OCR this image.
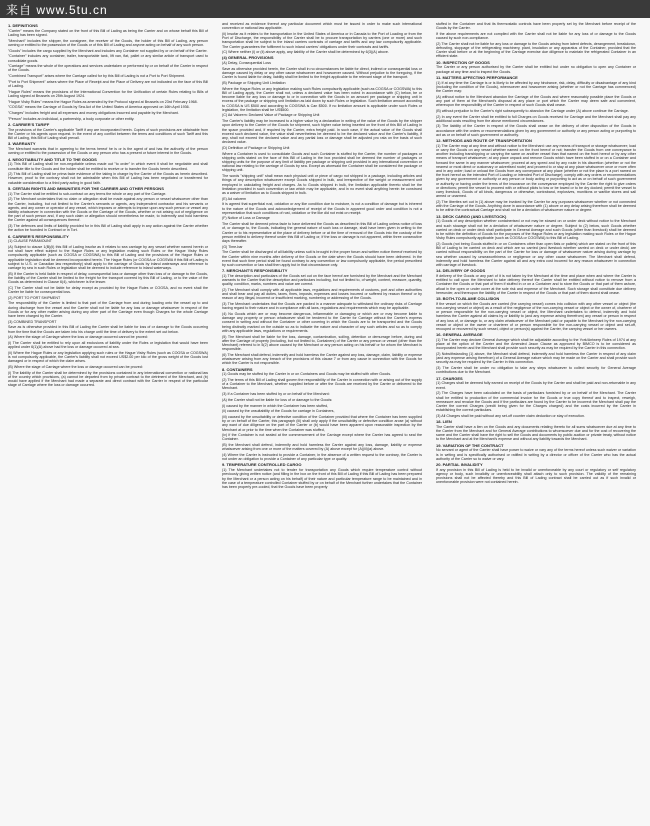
来自 www.5tu.cn
1. DEFINITIONS
"Carrier" means the Company stated on the front of this Bill of Lading as being the Carrier and on whose behalf this Bill of Lading has been signed.
"Merchant" includes the shipper, the consignee, the receiver of the Goods, the holder of this Bill of Lading, any person owning or entitled to the possession of the Goods or of this Bill of Lading and anyone acting on behalf of any such person.
"Goods" includes the cargo supplied by the Merchant and includes any Container not supplied by or on behalf of the Carrier.
"Container" includes any container, trailer, transportable tank, lift van, flat, pallet or any similar article of transport used to consolidate goods.
"Carriage" means the whole of the operations and services undertaken or performed by or on behalf of the Carrier in respect of the Goods.
"Combined Transport" arises where the Carriage called for by this Bill of Lading is not a Port to Port Shipment.
"Port to Port Shipment" arises where the Place of Receipt and the Place of Delivery are not indicated on the face of this Bill of Lading.
"Hague Rules" means the provisions of the International Convention for the Unification of certain Rules relating to Bills of Lading signed at Brussels on 25th August 1924.
"Hague Visby Rules" means the Hague Rules as amended by the Protocol signed at Brussels on 23rd February 1968.
"COGSA" means the Carriage of Goods by Sea Act of the United States of America approved on 16th April 1936.
"Charges" includes freight and all expenses and money obligations incurred and payable by the Merchant.
"Person" includes an individual, a partnership, a body corporate or other entity.
2. CARRIER'S TARIFF
The provisions of the Carrier's applicable Tariff if any are incorporated herein. Copies of such provisions are obtainable from the Carrier or his agents upon request. In the event of any conflict between the terms and conditions of such Tariff and this Bill of Lading, this Bill of Lading shall prevail.
3. WARRANTY
The Merchant warrants that in agreeing to the terms hereof he is or is the agent of and has the authority of the person owning or entitled to the possession of the Goods or any person who has a present or future interest in the Goods.
4. NEGOTIABILITY AND TITLE TO THE GOODS
(1) This Bill of Lading shall be non-negotiable unless made out "to order" in which event it shall be negotiable and shall constitute title to the Goods and the holder shall be entitled to receive or to transfer the Goods herein described.
(2) This Bill of Lading shall be prima facie evidence of the taking in charge by the Carrier of the Goods as herein described. However, proof to the contrary shall not be admissible when this Bill of Lading has been negotiated or transferred for valuable consideration to a third party acting in good faith.
5. CERTAIN RIGHTS AND IMMUNITIES FOR THE CARRIER AND OTHER PERSONS
(1) The Carrier shall be entitled to sub-contract on any terms the whole or any part of the Carriage.
(2) The Merchant undertakes that no claim or allegation shall be made against any person or vessel whatsoever other than the Carrier, including, but not limited to the Carrier's servants or agents, any independent contractor and his servants or agents, and any owner or operator of any vessel, which imposes or attempts to impose upon any such person or vessel any liability whatsoever in connection with the Goods or the Carriage of the Goods, whether or not arising out of negligence on the part of such person and, if any such claim or allegation should nevertheless be made, to indemnify and hold harmless the Carrier against all consequences thereof.
(3) The defences and limits of liability provided for in this Bill of Lading shall apply in any action against the Carrier whether the action be founded in Contract or in Tort.
6. CARRIER'S RESPONSIBILITY
(1) CLAUSE PARAMOUNT
(A) Subject to clause 1(B)(ii) this Bill of Lading insofar as it relates to sea carriage by any vessel whether named herein or not shall have effect subject to the Hague Rules or any legislation making such Rules or the Hague Visby Rules compulsorily applicable (such as COGSA or COGSWA) to this Bill of Lading and the provisions of the Hague Rules or applicable legislation shall be deemed incorporated herein. The Hague Rules (or COGSA or COGSWA if this Bill of Lading is subject to U.S. or Canadian law respectively) shall apply to the carriage of Goods by inland waterways and reference to carriage by sea in such Rules or legislation shall be deemed to include reference to inland waterways.
(B) If the Carrier is held liable in respect of delay, consequential loss or damage other than loss of or damage to the Goods, the liability of the Carrier shall be limited to the freight for the transport covered by this Bill of Lading, or to the value of the Goods as determined in Clause 6(4), whichever is the lesser.
(C) The Carrier shall not be liable for delay except as provided by the Hague Rules or COGSA, and no event shall the Carrier be liable for consequential loss.
(2) PORT TO PORT SHIPMENT
The responsibility of the Carrier is limited to that part of the Carriage from and during loading onto the vessel up to and during discharge from the vessel and the Carrier shall not be liable for any loss or damage whatsoever in respect of the Goods or for any other matter arising during any other part of the Carriage even though Charges for the whole Carriage have been charged by the Carrier.
(3) COMBINED TRANSPORT
Save as is otherwise provided in this Bill of Lading the Carrier shall be liable for loss of or damage to the Goods occurring from the time that the Goods are taken into his charge until the time of delivery to the extent set out below.
(A) Where the stage of Carriage where the loss or damage occurred cannot be proved:
(i) The Carrier shall be entitled to rely upon all exclusions of liability under the Rules or legislation that would have been applied under 6(1)(A) above had the loss or damage occurred at sea.
(ii) Where the Hague Rules or any legislation applying such rules or the Hague Visby Rules (such as COGSA or COGSWA) is not compulsorily applicable, the Carrier's liability shall not exceed US$2.00 per kilo of the gross weight of the Goods lost damaged or in respect of which the claim arises.
(B) Where the stage of Carriage where the loss or damage occurred can be proved:
(i) The liability of the Carrier shall be determined by the provisions contained in any international convention or national law of the country which provisions, (a) cannot be departed from by private contract to the detriment of the Merchant, and (b) would have applied if the Merchant had made a separate and direct contract with the Carrier in respect of the particular stage of Carriage where the loss or damage occurred.
and received as evidence thereof any particular document which must be issued in order to make such international convention or national law applicable.
(ii) Insofar as it relates to the transportation in the United States of America or in Canada to the Port of Loading or from the Port of Discharge, the responsibility of the Carrier shall be to procure transportation by carriers (one or more) and such transportation shall be subject to the inland carriers contracts of carriage and tariffs and any law compulsorily applicable. The Carrier guarantees the fulfilment to such inland carriers' obligations under their contracts and tariffs.
(C) Where neither (i) or (ii) above apply, any liability of the Carrier shall be determined by 6(3)(A) above.
(4) GENERAL PROVISIONS
(A) Delay, Consequential Loss
Save as otherwise provided herein, the Carrier shall in no circumstances be liable for direct, indirect or consequential loss or damage caused by delay or any other cause whatsoever and howsoever caused. Without prejudice to the foregoing, if the Carrier is found liable for delay, liability shall be limited to the freight applicable to the relevant stage of the transport.
(B) Package or Shipping Unit Limitation
Where the Hague Rules or any legislation making such Rules compulsorily applicable (such as COGSA or COGSWA) to this Bill of Lading apply, the Carrier shall not, unless a declared value has been noted in accordance with (C) below, be or become liable for any loss or damage to or in connection with the Goods in an amount per package or shipping unit in excess of the package or shipping unit limitation as laid down by such Rules or legislation. Such limitation amount according to COGSA is US $500 and according to COGSWA is Can $500. If no limitation amount is applicable under such Rules or legislation, the limitation shall be US$500.
(C) Ad Valorem: Declared Value of Package or Shipping Unit
The Carrier's liability may be increased to a higher value by a declaration in writing of the value of the Goods by the shipper upon delivery to the Carrier of the Goods for shipment, such higher value being inserted on the front of this Bill of Lading in the space provided and, if required by the Carrier, extra freight paid. In such case, if the actual value of the Goods shall exceed such declared value, the value shall nevertheless be deemed to be the declared value and the Carrier's liability, if any, shall not exceed the declared value and any partial loss or damage shall be adjusted pro rata on the basis of such declared value.
(D) Definition of Package or Shipping Unit
Where a Container is used to consolidate Goods and such Container is stuffed by the Carrier, the number of packages or shipping units stated on the face of this Bill of Lading in the box provided shall be deemed the number of packages or shipping units for the purpose of any limit of liability per package or shipping unit provided in any international convention or national law relating to the carriage of Goods by sea. Except as aforesaid the Container shall be considered the package or shipping unit.
The words "shipping unit" shall mean each physical unit or piece of cargo not shipped in a package, including articles and things of any description whatsoever except Goods shipped in bulk, and irrespective of the weight or measurement unit employed in calculating freight and charges. As to Goods shipped in bulk, the limitation applicable thereto shall be the limitation provided in such convention or law which may be applicable, and in no event shall anything herein be construed as a waiver of limitation as to Goods shipped in bulk.
(E) Ad valorem
It is agreed that superficial rust, oxidation or any like condition due to moisture, is not a condition of damage but is inherent to the nature of the Goods and acknowledgement of receipt of the Goods in apparent good order and condition is not a representation that such conditions of rust, oxidation or the like did not exist on receipt.
(F) Notice of Loss or Damage
The Carrier shall be deemed prima facie to have delivered the Goods as described in this Bill of Lading unless notice of loss of, or damage to, the Goods, indicating the general nature of such loss or damage, shall have been given in writing to the Carrier or to his representative at the place of delivery before or at the time of removal of the Goods into the custody of the person entitled to delivery thereof under this Bill of Lading or, if the loss or damage is not apparent, within three consecutive days thereafter.
(G) Time-bar
The Carrier shall be discharged of all liability unless suit is brought in the proper forum and written notice thereof received by the Carrier within nine months after delivery of the Goods or the date when the Goods should have been delivered. In the event that such time period shall be found contrary to any convention or law compulsorily applicable, the period prescribed by such convention or law shall then apply but in that circumstance only.
7. MERCHANT'S RESPONSIBILITY
(1) The description and particulars of the Goods set out on the face hereof are furnished by the Merchant and the Merchant warrants to the Carrier that the description and particulars including, but not limited to, of weight, content, measure, quantity, quality, condition, marks, numbers and value are correct.
(2) The Merchant shall comply with all applicable laws, regulations and requirements of customs, port and other authorities and shall bear and pay all duties, taxes, fines, imposts, expenses and losses incurred or suffered by reason thereof or by reason of any illegal, incorrect or insufficient marking, numbering or addressing of the Goods.
(3) The Merchant undertakes that the Goods are packed in a manner adequate to withstand the ordinary risks of Carriage having regard to their nature and in compliance with all laws, regulations and requirements which may be applicable.
(4) No Goods which are or may become dangerous, inflammable or damaging or which are or may become liable to damage any property or person whatsoever shall be tendered to the Carrier for Carriage without the Carrier's express consent in writing and without the Container or other covering in which the Goods are to be transported and the Goods being distinctly marked on the outside so as to indicate the nature and character of any such articles and so as to comply with any applicable laws, regulations or requirements.
(5) The Merchant shall be liable for the loss, damage, contamination, soiling, detention or demurrage before, during and after the Carriage of property (including, but not limited to, Containers) of the Carrier or any person or vessel (other than the Merchant) referred to in 5(2) above caused by the Merchant or any person acting on his behalf or for whom the Merchant is responsible.
(6) The Merchant shall defend, indemnify and hold harmless the Carrier against any loss, damage, claim, liability or expense whatsoever arising from any breach of the provisions of this clause 7 or from any cause in connection with the Goods for which the Carrier is not responsible.
8. CONTAINERS
(1) Goods may be stuffed by the Carrier in or on Containers and Goods may be stuffed with other Goods.
(2) The terms of this Bill of Lading shall govern the responsibility of the Carrier in connection with or arising out of the supply of a Container to the Merchant, whether supplied before or after the Goods are received by the Carrier or delivered to the Merchant.
(3) If a Container has been stuffed by or on behalf of the Merchant:
(A) the Carrier shall not be liable for loss of or damage to the Goods:
(i) caused by the manner in which the Container has been stuffed,
(ii) caused by the unsuitability of the Goods for carriage in Containers,
(iii) caused by the unsuitability or defective condition of the Container provided that where the Container has been supplied by or on behalf of the Carrier, this paragraph (iii) shall only apply if the unsuitability or defective condition arose (a) without any want of due diligence on the part of the Carrier or (b) would have been apparent upon reasonable inspection by the Merchant at or prior to the time when the Container was stuffed,
(iv) if the Container is not sealed at the commencement of the Carriage except where the Carrier has agreed to seal the Container.
(B) the Merchant shall defend, indemnify and hold harmless the Carrier against any loss, damage, liability or expense whatsoever arising from one or more of the matters covered by (A) above except for (A)(iii)(a) above.
(4) Where the Carrier is instructed to provide a Container, in the absence of a written request to the contrary, the Carrier is not under an obligation to provide a Container of any particular type or quality.
9. TEMPERATURE CONTROLLED CARGO
(1) The Merchant undertakes not to tender for transportation any Goods which require temperature control without previously giving written notice (and filling in the box on the front of this Bill of Lading if this Bill of Lading has been prepared by the Merchant or a person acting on his behalf) of their nature and particular temperature range to be maintained and in the case of a temperature controlled Container stuffed by or on behalf of the Merchant further undertakes that the Container has been properly pre-cooled, that the Goods have been properly
stuffed in the Container and that its thermostatic controls have been properly set by the Merchant before receipt of the Goods by the Carrier.
If the above requirements are not complied with the Carrier shall not be liable for any loss of or damage to the Goods caused by such non-compliance.
(2) The Carrier shall not be liable for any loss or damage to the Goods arising from latent defects, derangement, breakdown, defrosting, stoppage of the refrigerating machinery, plant, insulation or any apparatus of the Container, provided that the Carrier shall before or at the beginning of the Carriage exercise due diligence to maintain the refrigerated Container in an efficient state.
10. INSPECTION OF GOODS
The Carrier or any person authorised by the Carrier shall be entitled but under no obligation to open any Container or package at any time and to inspect the Goods.
11. MATTERS AFFECTING PERFORMANCE
(1) If at any time the Carriage is or is likely to be affected by any hindrance, risk, delay, difficulty or disadvantage of any kind (including the condition of the Goods), whensoever and howsoever arising (whether or not the Carriage has commenced) the Carrier may:
(A) without notice to the Merchant abandon the Carriage of the Goods and where reasonably possible place the Goods or any part of them at the Merchant's disposal at any place or port which the Carrier may deem safe and convenient, whereupon the responsibility of the Carrier in respect of such Goods shall cease.
(B) without prejudice to the Carrier's right subsequently to abandon the Carriage under (A) above continue the Carriage.
(2) In any event the Carrier shall be entitled to full Charges on Goods received for Carriage and the Merchant shall pay any additional costs resulting from the above mentioned circumstances.
(3) The liability of the Carrier in respect of the Goods shall cease on the delivery of other disposition of the Goods in accordance with the orders or recommendations given by any government or authority or any person acting or purporting to act as or on behalf of such government or authority.
12. METHODS AND ROUTE OF TRANSPORTATION
(1) The Carrier may at any time and without notice to the Merchant: use any means of transport or storage whatsoever; load or carry the Goods on any vessel whether named on the front hereof or not; transfer the Goods from one conveyance to another including transhipping or carrying the same on another vessel than that named on the front hereof or by any other means of transport whatsoever; at any place unpack and remove Goods which have been stuffed in or on a Container and forward the same in any manner whatsoever; proceed at any speed and by any route in his discretion (whether or not the nearest or most direct or customary or advertised route) and proceed to or stay at any place whatsoever once or more often and in any order; load or unload the Goods from any conveyance at any place (whether or not the place is a port named on the front hereof as the intended Port of Loading or intended Port of Discharge); comply with any orders or recommendations given by any government or authority or any person or body acting or purporting to act as or on behalf of such government or authority or having under the terms of the insurance on the conveyance employed by the Carrier the right to give orders or directions; permit the vessel to proceed with or without pilots to tow or be towed or to be dry docked; permit the vessel to carry livestock, Goods of all kinds, dangerous or otherwise, contraband, explosives, munitions or warlike stores and sail armed or unarmed.
(2) The liberties set out in (1) above may be invoked by the Carrier for any purposes whatsoever whether or not connected with the Carriage of the Goods. Anything done in accordance with (1) above or any delay arising therefrom shall be deemed to be within the contractual Carriage and shall not be a deviation of whatsoever nature or degree.
13. DECK CARGO (AND LIVESTOCK)
(1) Goods of any description whether containerised or not may be stowed on or under deck without notice to the Merchant and such stowage shall not be a deviation of whatsoever nature or degree. Subject to (2) below, such Goods whether carried on deck or under deck shall participate in General Average and such Goods (other than livestock) shall be deemed to be within the definition of Goods for the purposes of the Hague Rules or any legislation making such Rules or the Hague Visby Rules compulsorily applicable (such as COGSA or COGSWA) to this Bill of Lading.
(2) Goods (not being Goods stuffed in or on Containers other than open flats or pallets) which are stated on the front of this Bill of Lading to be carried on deck and which are so carried (and livestock whether carried on deck or under deck) are carried without responsibility on the part of the Carrier for loss or damage of whatsoever nature arising during carriage by sea whether caused by unseaworthiness or negligence or any other cause whatsoever. The Merchant shall defend, indemnify and hold harmless the Carrier against all and any extra cost incurred for any reason whatsoever in connection with carriage of livestock.
14. DELIVERY OF GOODS
If delivery of the Goods or any part of it is not taken by the Merchant at the time and place when and where the Carrier is entitled to call upon the Merchant to take delivery thereof the Carrier shall be entitled without notice to remove from a Container the Goods or that part of them if stuffed in or on a Container and to store the Goods or that part of them ashore, afloat in the open or under cover at the sole risk and expense of the Merchant. Such storage shall constitute due delivery hereunder, and thereupon the liability of the Carrier in respect of the Goods or that part of them stored shall cease.
15. BOTH-TO-BLAME COLLISION
If the vessel on which the Goods are carried (the carrying vessel) comes into collision with any other vessel or object (the non-carrying vessel or object) as a result of the negligence of the non-carrying vessel or object or the owner of, charterer of or person responsible for the non-carrying vessel or object, the Merchant undertakes to defend, indemnify and hold harmless the Carrier against all claims by or liability to (and any expense arising therefrom) any vessel or person in respect of any loss of, or damage to, or any claim whatsoever of the Merchant paid or payable to the Merchant by the non-carrying vessel or object or the owner or charterer of or person responsible for the non-carrying vessel or object and set-off, recouped or recovered by such vessel, object or person(s) against the Carrier, the carrying vessel or her owners.
16. GENERAL AVERAGE
(1) The Carrier may declare General Average which shall be adjustable according to the York/Antwerp Rules of 1974 at any place at the option of the Carrier and the Amended Jason Clause as approved by BIMCO is to be considered as incorporated herein and the Merchant shall provide such security as may be required by the Carrier in this connection.
(2) Notwithstanding (1) above, the Merchant shall defend, indemnify and hold harmless the Carrier in respect of any claim (and any expense arising therefrom) of a General Average nature which may be made on the Carrier and shall provide such security as may be required by the Carrier in this connection.
(3) The Carrier shall be under no obligation to take any steps whatsoever to collect security for General Average contributions due to the Merchant.
17. CHARGES
(1) Charges shall be deemed fully earned on receipt of the Goods by the Carrier and shall be paid and non-returnable in any event.
(2) The Charges have been calculated on the basis of particulars furnished by or on behalf of the Merchant. The Carrier shall be entitled to production of the commercial invoice for the Goods or true copy thereof and to inspect, reweigh, remeasure and revalue the Goods and if the particulars are found by the Carrier to be incorrect the Merchant shall pay the Carrier the correct Charges (credit being given for the Charges charged) and the costs incurred by the Carrier in establishing the correct particulars.
(3) All Charges shall be paid without any set-off counter claim deduction or stay of execution.
18. LIEN
The Carrier shall have a lien on the Goods and any documents relating thereto for all sums whatsoever due at any time to the Carrier from the Merchant and for General Average contributions to whomsoever due and for the cost of recovering the same and the Carrier shall have the right to sell the Goods and documents by public auction or private treaty, without notice to the Merchant and at the Merchant's expense and without any liability towards the Merchant.
19. VARIATION OF THE CONTRACT
No servant or agent of the Carrier shall have power to waive or vary any of the terms hereof unless such waiver or variation is in writing and is specifically authorised or ratified in writing by a director or officer of the Carrier who has the actual authority of the Carrier so to waive or vary.
20. PARTIAL INVALIDITY
If any provision in this Bill of Lading is held to be invalid or unenforceable by any court or regulatory or self regulatory agency or body, such invalidity or unenforceability shall attach only to such provision. The validity of the remaining provisions shall not be affected thereby and this Bill of Lading contract shall be carried out as if such invalid or unenforceable provision were not contained herein.
